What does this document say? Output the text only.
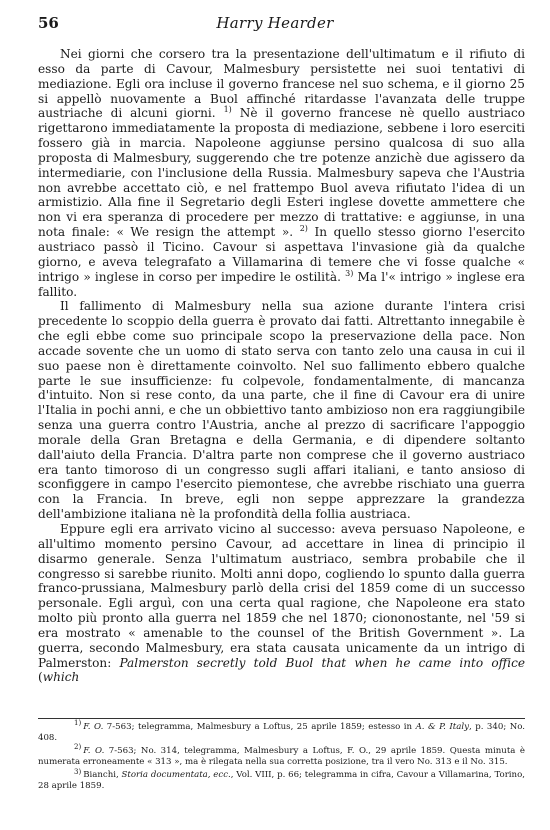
56	Harry Hearder

Nei giorni che corsero tra la presentazione dell'ultimatum e il rifiuto di esso da parte di Cavour, Malmesbury persistette nei suoi tentativi di mediazione. Egli ora incluse il governo francese nel suo schema, e il giorno 25 si appellò nuovamente a Buol affinché ritardasse l'avanzata delle truppe austriache di alcuni giorni. $^{1)}$ Nè il governo francese nè quello austriaco rigettarono immediatamente la proposta di mediazione, sebbene i loro eserciti fossero già in marcia. Napoleone aggiunse persino qualcosa di suo alla proposta di Malmesbury, suggerendo che tre potenze anzichè due agissero da intermediarie, con l'inclusione della Russia. Malmesbury sapeva che l'Austria non avrebbe accettato ciò, e nel frattempo Buol aveva rifiutato l'idea di un armistizio. Alla fine il Segretario degli Esteri inglese dovette ammettere che non vi era speranza di procedere per mezzo di trattative: e aggiunse, in una nota finale: « We resign the attempt ». $^{2)}$ In quello stesso giorno l'esercito austriaco passò il Ticino. Cavour si aspettava l'invasione già da qualche giorno, e aveva telegrafato a Villamarina di temere che vi fosse qualche « intrigo » inglese in corso per impedire le ostilità. $^{3)}$ Ma l'« intrigo » inglese era fallito.

Il fallimento di Malmesbury nella sua azione durante l'intera crisi precedente lo scoppio della guerra è provato dai fatti. Altrettanto innegabile è che egli ebbe come suo principale scopo la preservazione della pace. Non accade sovente che un uomo di stato serva con tanto zelo una causa in cui il suo paese non è direttamente coinvolto. Nel suo fallimento ebbero qualche parte le sue insufficienze: fu colpevole, fondamentalmente, di mancanza d'intuito. Non si rese conto, da una parte, che il fine di Cavour era di unire l'Italia in pochi anni, e che un obbiettivo tanto ambizioso non era raggiungibile senza una guerra contro l'Austria, anche al prezzo di sacrificare l'appoggio morale della Gran Bretagna e della Germania, e di dipendere soltanto dall'aiuto della Francia. D'altra parte non comprese che il governo austriaco era tanto timoroso di un congresso sugli affari italiani, e tanto ansioso di sconfiggere in campo l'esercito piemontese, che avrebbe rischiato una guerra con la Francia. In breve, egli non seppe apprezzare la grandezza dell'ambizione italiana nè la profondità della follia austriaca.

Eppure egli era arrivato vicino al successo: aveva persuaso Napoleone, e all'ultimo momento persino Cavour, ad accettare in linea di principio il disarmo generale. Senza l'ultimatum austriaco, sembra probabile che il congresso si sarebbe riunito. Molti anni dopo, cogliendo lo spunto dalla guerra franco-prussiana, Malmesbury parlò della crisi del 1859 come di un successo personale. Egli arguì, con una certa qual ragione, che Napoleone era stato molto più pronto alla guerra nel 1859 che nel 1870; ciononostante, nel '59 si era mostrato « amenable to the counsel of the British Government ». La guerra, secondo Malmesbury, era stata causata unicamente da un intrigo di Palmerston: Palmerston secretly told Buol that when he came into office (which

$^{1)}$ F. O. 7-563; telegramma, Malmesbury a Loftus, 25 aprile 1859; estesso in A. & P. Italy, p. 340; No. 408.

$^{2)}$ F. O. 7-563; No. 314, telegramma, Malmesbury a Loftus, F. O., 29 aprile 1859. Questa minuta è numerata erroneamente « 313 », ma è rilegata nella sua corretta posizione, tra il vero No. 313 e il No. 315.

$^{3)}$ Bianchi, Storia documentata, ecc., Vol. VIII, p. 66; telegramma in cifra, Cavour a Villamarina, Torino, 28 aprile 1859.
